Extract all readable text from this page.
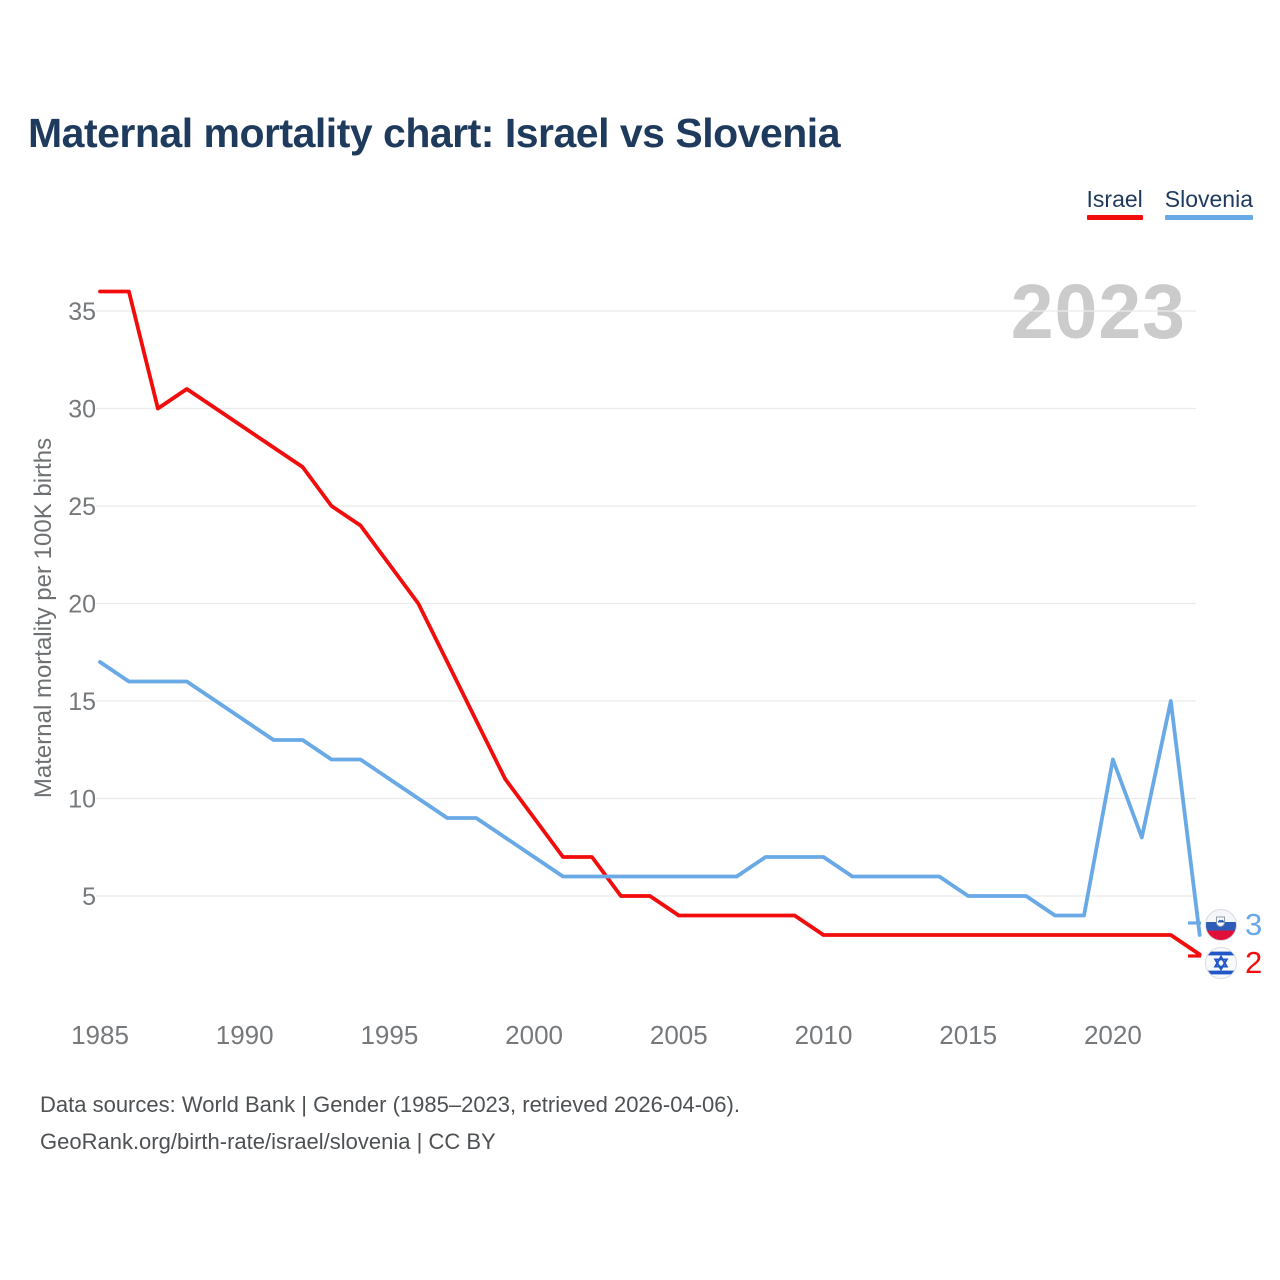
Maternal mortality chart: Israel vs Slovenia
Israel Slovenia
2023
Maternal mortality per 100K births
5
10
15
20
25
30
35
1985	1990	1995	2000	2005	2010	2015	2020
3
2
Data sources: World Bank | Gender (1985–2023, retrieved 2026-04-06).
GeoRank.org/birth-rate/israel/slovenia | CC BY
